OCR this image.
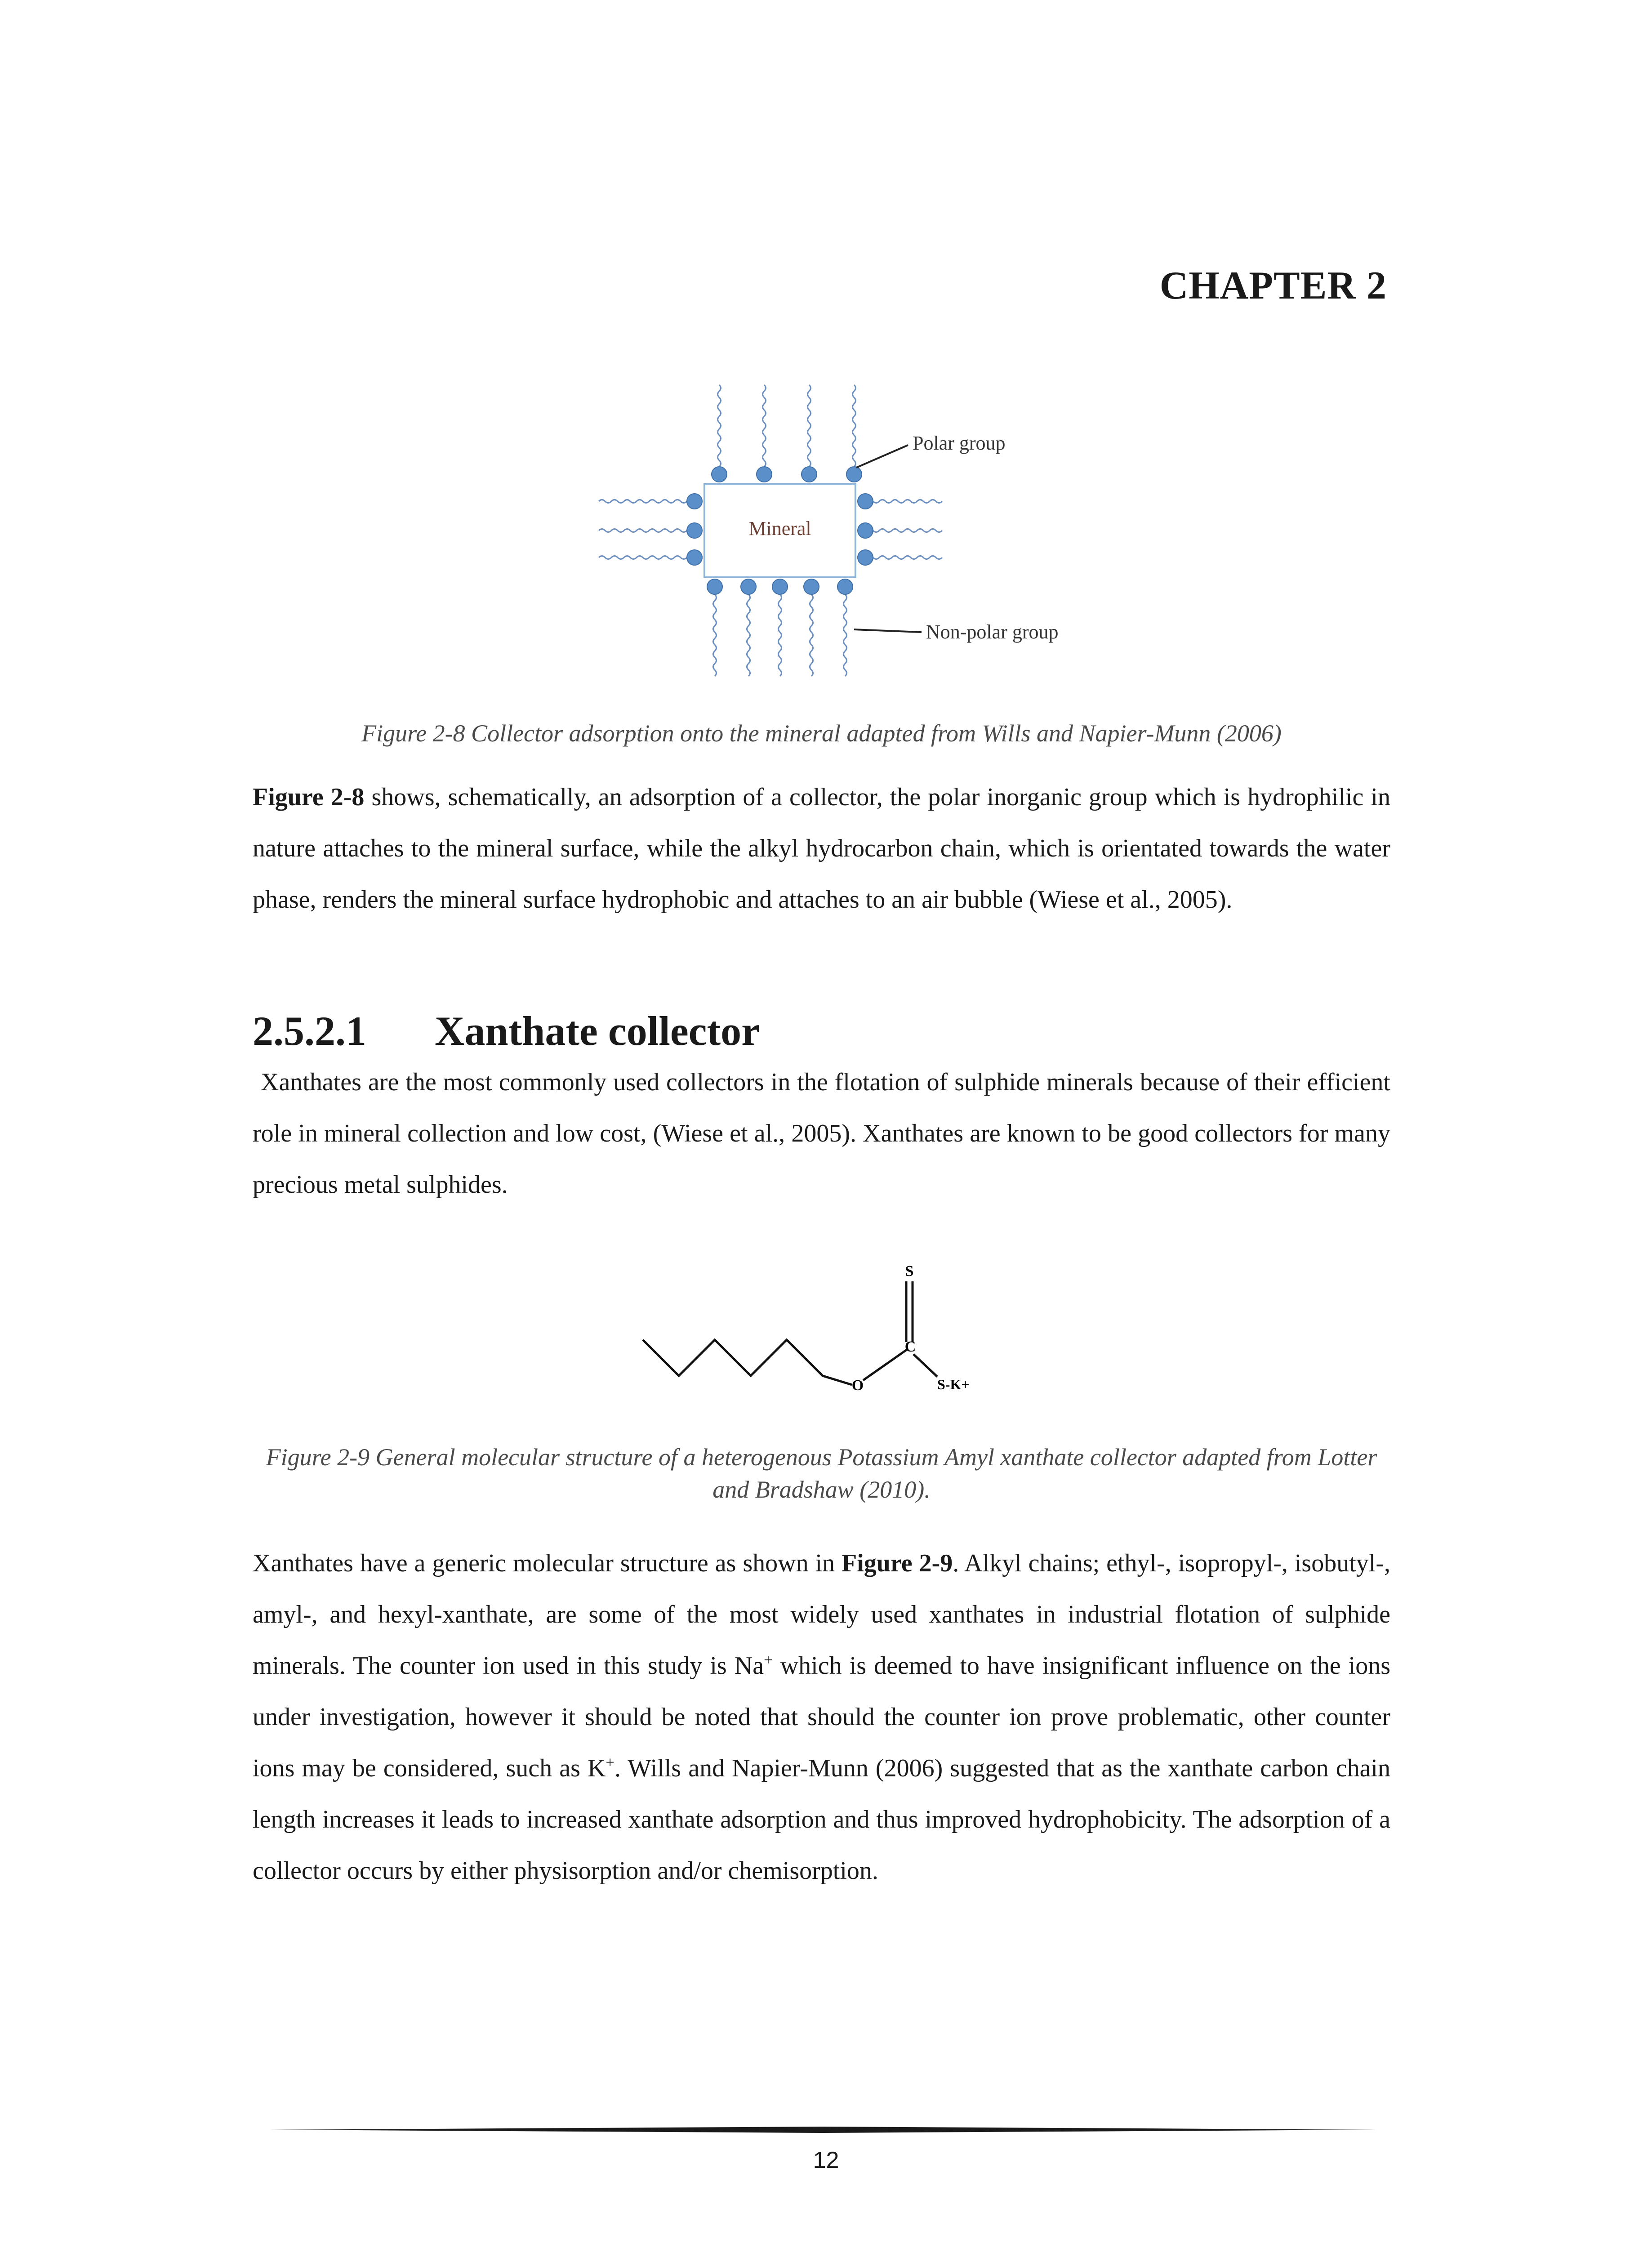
CHAPTER 2
Mineral
Polar group
Non-polar group
Figure 2-8 Collector adsorption onto the mineral adapted from Wills and Napier-Munn (2006)
Figure 2-8 shows, schematically, an adsorption of a collector, the polar inorganic group which is hydrophilic in nature attaches to the mineral surface, while the alkyl hydrocarbon chain, which is orientated towards the water phase, renders the mineral surface hydrophobic and attaches to an air bubble (Wiese et al., 2005).
2.5.2.1 Xanthate collector
Xanthates are the most commonly used collectors in the flotation of sulphide minerals because of their efficient role in mineral collection and low cost, (Wiese et al., 2005). Xanthates are known to be good collectors for many precious metal sulphides.
S
C
O	S-K+
Figure 2-9 General molecular structure of a heterogenous Potassium Amyl xanthate collector adapted from Lotter
and Bradshaw (2010).
Xanthates have a generic molecular structure as shown in Figure 2-9. Alkyl chains; ethyl-, isopropyl-, isobutyl-, amyl-, and hexyl-xanthate, are some of the most widely used xanthates in industrial flotation of sulphide minerals. The counter ion used in this study is Na+ which is deemed to have insignificant influence on the ions under investigation, however it should be noted that should the counter ion prove problematic, other counter ions may be considered, such as K+. Wills and Napier-Munn (2006) suggested that as the xanthate carbon chain length increases it leads to increased xanthate adsorption and thus improved hydrophobicity. The adsorption of a collector occurs by either physisorption and/or chemisorption.
12
